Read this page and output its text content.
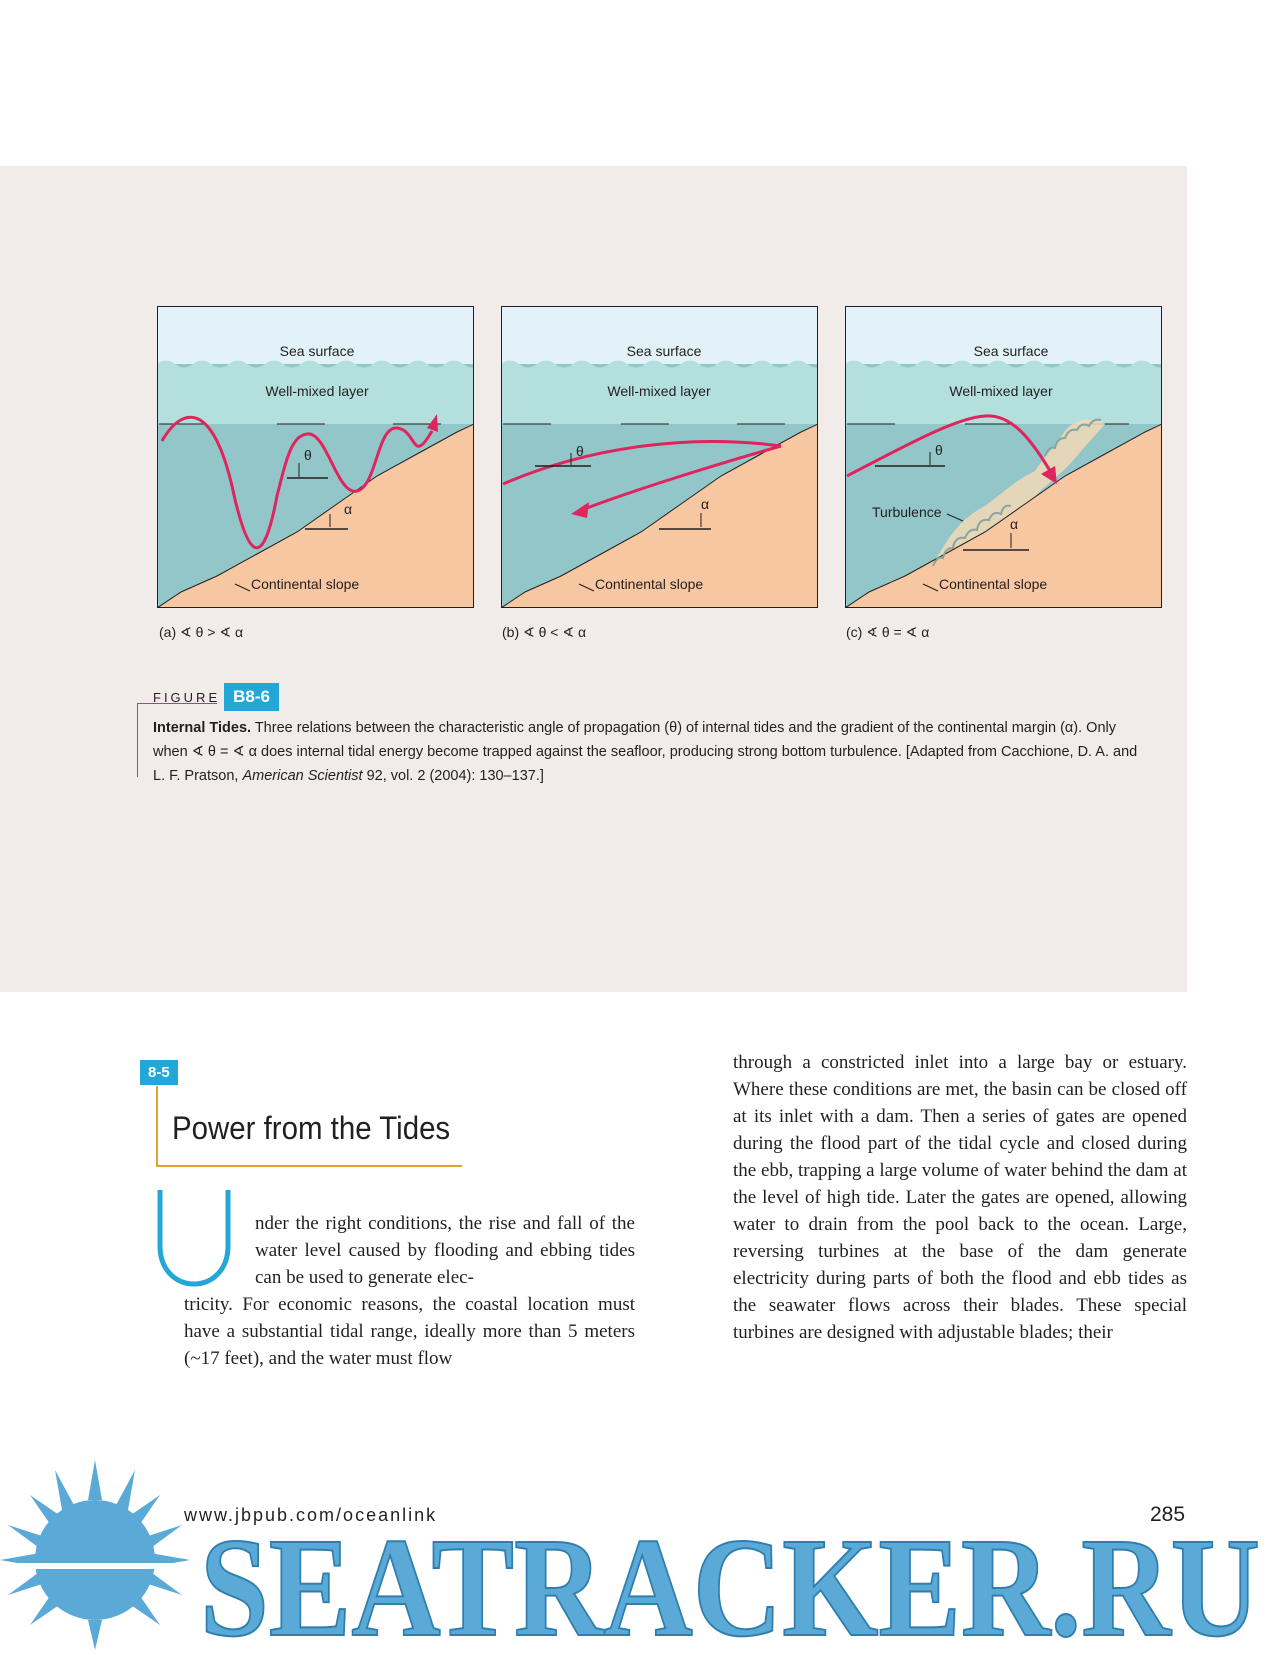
Sea surface
Well-mixed layer
θ
α
Continental slope
(a) ∢ θ > ∢ α
Sea surface
Well-mixed layer
θ
α
Continental slope
(b) ∢ θ < ∢ α
Sea surface
Well-mixed layer
θ
α
Turbulence
Continental slope
(c) ∢ θ = ∢ α
FIGURE B8-6
Internal Tides. Three relations between the characteristic angle of propagation (θ) of internal tides and the gradient of the continental margin (α). Only when ∢ θ = ∢ α does internal tidal energy become trapped against the seafloor, producing strong bottom turbulence. [Adapted from Cacchione, D. A. and L. F. Pratson, American Scientist 92, vol. 2 (2004): 130–137.]
8-5
Power from the Tides

nder the right conditions, the rise and fall of the water level caused by flooding and ebbing tides can be used to generate elec-

tricity. For economic reasons, the coastal location must have a substantial tidal range, ideally more than 5 meters (~17 feet), and the water must flow

through a constricted inlet into a large bay or estuary. Where these conditions are met, the basin can be closed off at its inlet with a dam. Then a series of gates are opened during the flood part of the tidal cycle and closed during the ebb, trapping a large volume of water behind the dam at the level of high tide. Later the gates are opened, allowing water to drain from the pool back to the ocean. Large, reversing turbines at the base of the dam generate electricity during parts of both the flood and ebb tides as the seawater flows across their blades. These special turbines are designed with adjustable blades; their

SEATRACKER.RU
www.jbpub.com/oceanlink	285
